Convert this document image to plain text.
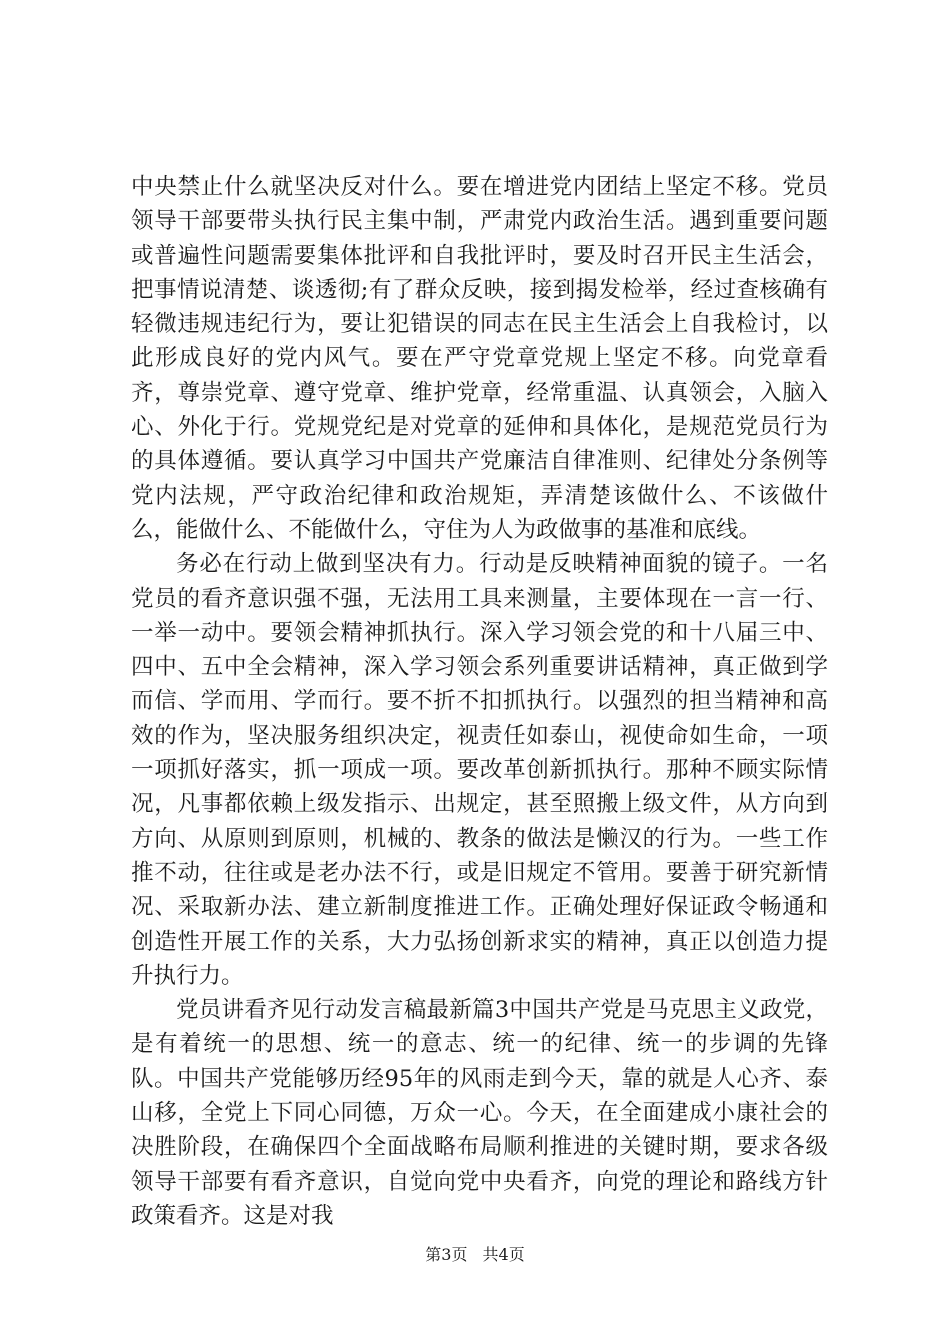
中央禁止什么就坚决反对什么。要在增进党内团结上坚定不移。党员领导干部要带头执行民主集中制，严肃党内政治生活。遇到重要问题或普遍性问题需要集体批评和自我批评时，要及时召开民主生活会，把事情说清楚、谈透彻;有了群众反映，接到揭发检举，经过查核确有轻微违规违纪行为，要让犯错误的同志在民主生活会上自我检讨，以此形成良好的党内风气。要在严守党章党规上坚定不移。向党章看齐，尊崇党章、遵守党章、维护党章，经常重温、认真领会，入脑入心、外化于行。党规党纪是对党章的延伸和具体化，是规范党员行为的具体遵循。要认真学习中国共产党廉洁自律准则、纪律处分条例等党内法规，严守政治纪律和政治规矩，弄清楚该做什么、不该做什么，能做什么、不能做什么，守住为人为政做事的基准和底线。

务必在行动上做到坚决有力。行动是反映精神面貌的镜子。一名党员的看齐意识强不强，无法用工具来测量，主要体现在一言一行、一举一动中。要领会精神抓执行。深入学习领会党的和十八届三中、四中、五中全会精神，深入学习领会系列重要讲话精神，真正做到学而信、学而用、学而行。要不折不扣抓执行。以强烈的担当精神和高效的作为，坚决服务组织决定，视责任如泰山，视使命如生命，一项一项抓好落实，抓一项成一项。要改革创新抓执行。那种不顾实际情况，凡事都依赖上级发指示、出规定，甚至照搬上级文件，从方向到方向、从原则到原则，机械的、教条的做法是懒汉的行为。一些工作推不动，往往或是老办法不行，或是旧规定不管用。要善于研究新情况、采取新办法、建立新制度推进工作。正确处理好保证政令畅通和创造性开展工作的关系，大力弘扬创新求实的精神，真正以创造力提升执行力。

党员讲看齐见行动发言稿最新篇3中国共产党是马克思主义政党，是有着统一的思想、统一的意志、统一的纪律、统一的步调的先锋队。中国共产党能够历经95年的风雨走到今天，靠的就是人心齐、泰山移，全党上下同心同德，万众一心。今天，在全面建成小康社会的决胜阶段，在确保四个全面战略布局顺利推进的关键时期，要求各级领导干部要有看齐意识，自觉向党中央看齐，向党的理论和路线方针政策看齐。这是对我

第3页 共4页
